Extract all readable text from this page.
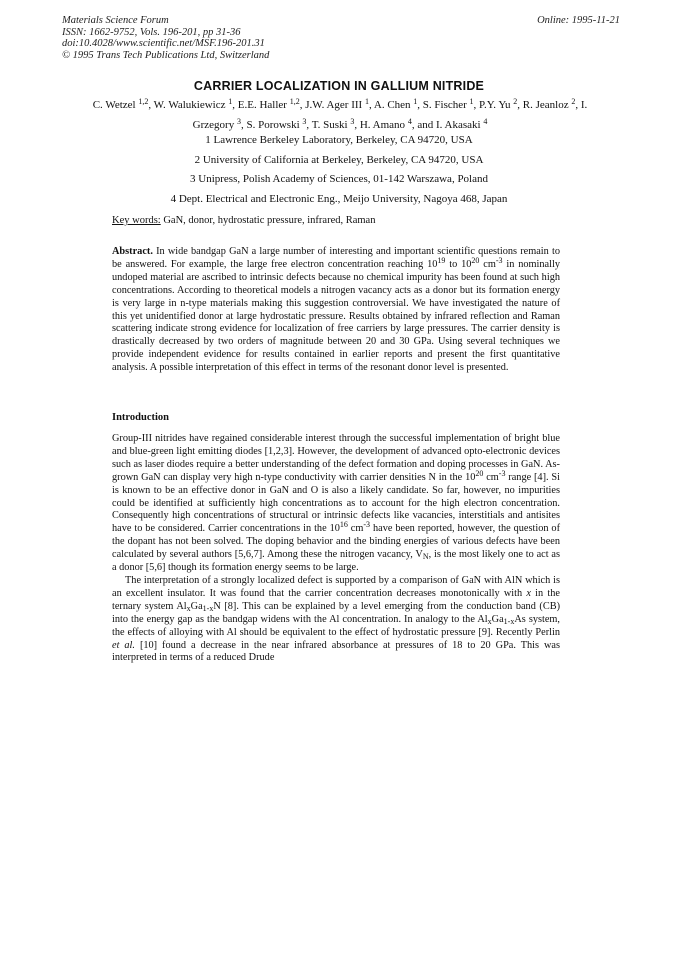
Materials Science Forum
ISSN: 1662-9752, Vols. 196-201, pp 31-36
doi:10.4028/www.scientific.net/MSF.196-201.31
© 1995 Trans Tech Publications Ltd, Switzerland
Online: 1995-11-21
CARRIER LOCALIZATION IN GALLIUM NITRIDE
C. Wetzel $^{1,2}$, W. Walukiewicz $^1$, E.E. Haller $^{1,2}$, J.W. Ager III $^1$, A. Chen $^1$, S. Fischer $^1$, P.Y. Yu $^2$, R. Jeanloz $^2$, I. Grzegory $^3$, S. Porowski $^3$, T. Suski $^3$, H. Amano $^4$, and I. Akasaki $^4$
1 Lawrence Berkeley Laboratory, Berkeley, CA 94720, USA
2 University of California at Berkeley, Berkeley, CA 94720, USA
3 Unipress, Polish Academy of Sciences, 01-142 Warszawa, Poland
4 Dept. Electrical and Electronic Eng., Meijo University, Nagoya 468, Japan
Key words: GaN, donor, hydrostatic pressure, infrared, Raman

Abstract. In wide bandgap GaN a large number of interesting and important scientific questions remain to be answered. For example, the large free electron concentration reaching $10^{19}$ to $10^{20}$ $cm^{-3}$ in nominally undoped material are ascribed to intrinsic defects because no chemical impurity has been found at such high concentrations. According to theoretical models a nitrogen vacancy acts as a donor but its formation energy is very large in n-type materials making this suggestion controversial. We have investigated the nature of this yet unidentified donor at large hydrostatic pressure. Results obtained by infrared reflection and Raman scattering indicate strong evidence for localization of free carriers by large pressures. The carrier density is drastically decreased by two orders of magnitude between 20 and 30 GPa. Using several techniques we provide independent evidence for results contained in earlier reports and present the first quantitative analysis. A possible interpretation of this effect in terms of the resonant donor level is presented.

Introduction

Group-III nitrides have regained considerable interest through the successful implementation of bright blue and blue-green light emitting diodes [1,2,3]. However, the development of advanced opto-electronic devices such as laser diodes require a better understanding of the defect formation and doping processes in GaN. As-grown GaN can display very high n-type conductivity with carrier densities N in the $10^{20}$ $cm^{-3}$ range [4]. Si is known to be an effective donor in GaN and O is also a likely candidate. So far, however, no impurities could be identified at sufficiently high concentrations as to account for the high electron concentration. Consequently high concentrations of structural or intrinsic defects like vacancies, interstitials and antisites have to be considered. Carrier concentrations in the $10^{16}$ $cm^{-3}$ have been reported, however, the question of the dopant has not been solved. The doping behavior and the binding energies of various defects have been calculated by several authors [5,6,7]. Among these the nitrogen vacancy, $V_N$, is the most likely one to act as a donor [5,6] though its formation energy seems to be large.

The interpretation of a strongly localized defect is supported by a comparison of GaN with AlN which is an excellent insulator. It was found that the carrier concentration decreases monotonically with x in the ternary system $Al_xGa_{1-x}N$ [8]. This can be explained by a level emerging from the conduction band (CB) into the energy gap as the bandgap widens with the Al concentration. In analogy to the $Al_xGa_{1-x}As$ system, the effects of alloying with Al should be equivalent to the effect of hydrostatic pressure [9]. Recently Perlin et al. [10] found a decrease in the near infrared absorbance at pressures of 18 to 20 GPa. This was interpreted in terms of a reduced Drude
